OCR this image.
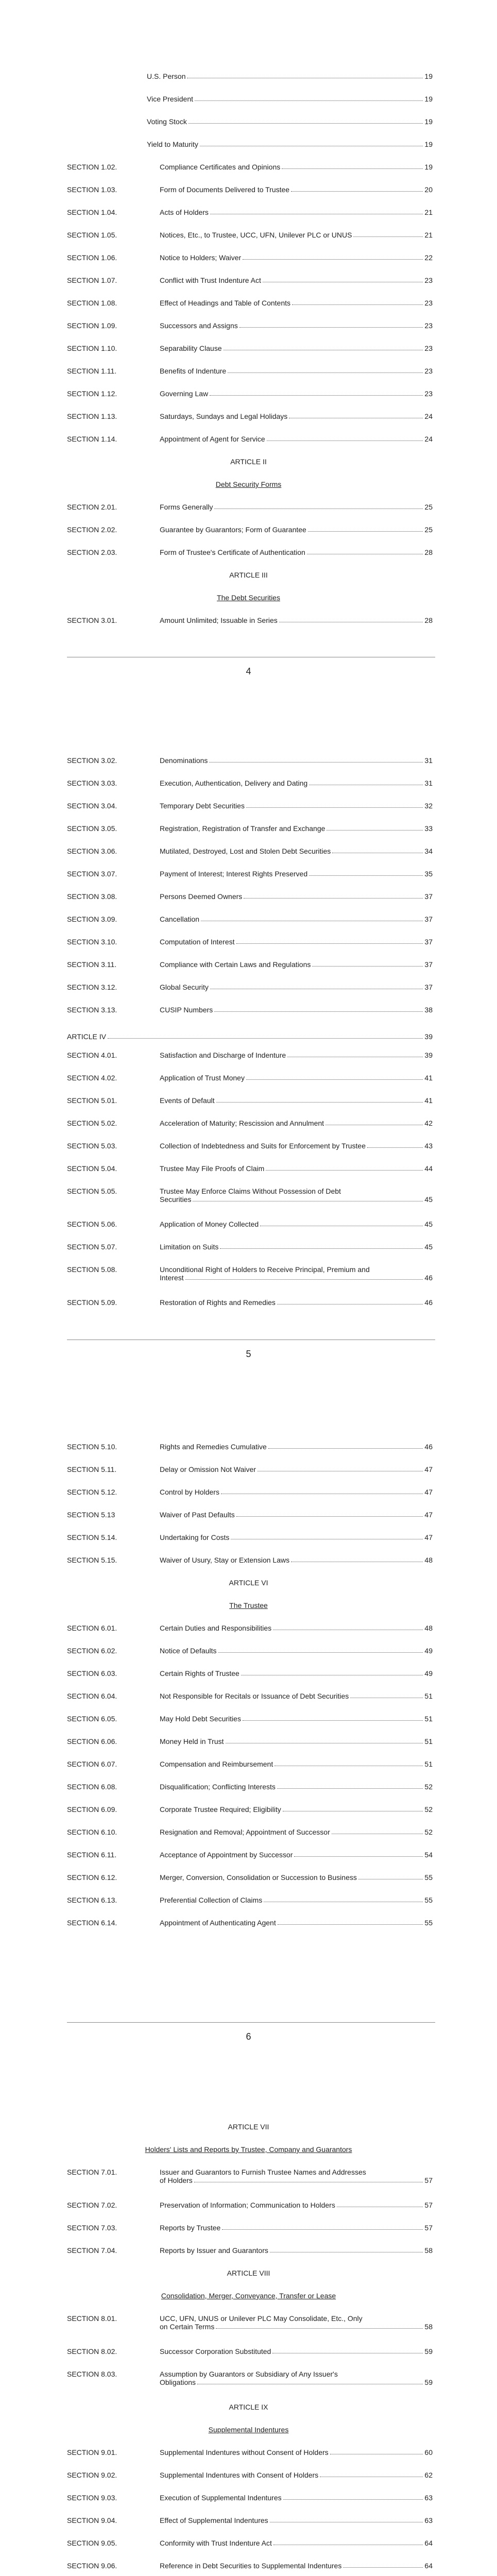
U.S. Person	19
Vice President	19
Voting Stock	19
Yield to Maturity	19
SECTION 1.02.	Compliance Certificates and Opinions	19
SECTION 1.03.	Form of Documents Delivered to Trustee	20
SECTION 1.04.	Acts of Holders	21
SECTION 1.05.	Notices, Etc., to Trustee, UCC, UFN, Unilever PLC or UNUS	21
SECTION 1.06.	Notice to Holders; Waiver	22
SECTION 1.07.	Conflict with Trust Indenture Act	23
SECTION 1.08.	Effect of Headings and Table of Contents	23
SECTION 1.09.	Successors and Assigns	23
SECTION 1.10.	Separability Clause	23
SECTION 1.11.	Benefits of Indenture	23
SECTION 1.12.	Governing Law	23
SECTION 1.13.	Saturdays, Sundays and Legal Holidays	24
SECTION 1.14.	Appointment of Agent for Service	24
ARTICLE II
Debt Security Forms
SECTION 2.01.	Forms Generally	25
SECTION 2.02.	Guarantee by Guarantors; Form of Guarantee	25
SECTION 2.03.	Form of Trustee's Certificate of Authentication	28
ARTICLE III
The Debt Securities
SECTION 3.01.	Amount Unlimited; Issuable in Series	28
4
SECTION 3.02.	Denominations	31
SECTION 3.03.	Execution, Authentication, Delivery and Dating	31
SECTION 3.04.	Temporary Debt Securities	32
SECTION 3.05.	Registration, Registration of Transfer and Exchange	33
SECTION 3.06.	Mutilated, Destroyed, Lost and Stolen Debt Securities	34
SECTION 3.07.	Payment of Interest; Interest Rights Preserved	35
SECTION 3.08.	Persons Deemed Owners	37
SECTION 3.09.	Cancellation	37
SECTION 3.10.	Computation of Interest	37
SECTION 3.11.	Compliance with Certain Laws and Regulations	37
SECTION 3.12.	Global Security	37
SECTION 3.13.	CUSIP Numbers	38
ARTICLE IV	39
SECTION 4.01.	Satisfaction and Discharge of Indenture	39
SECTION 4.02.	Application of Trust Money	41
SECTION 5.01.	Events of Default	41
SECTION 5.02.	Acceleration of Maturity; Rescission and Annulment	42
SECTION 5.03.	Collection of Indebtedness and Suits for Enforcement by Trustee	43
SECTION 5.04.	Trustee May File Proofs of Claim	44
SECTION 5.05.	Trustee May Enforce Claims Without Possession of Debt
Securities	45
SECTION 5.06.	Application of Money Collected	45
SECTION 5.07.	Limitation on Suits	45
SECTION 5.08.	Unconditional Right of Holders to Receive Principal, Premium and
Interest	46
SECTION 5.09.	Restoration of Rights and Remedies	46
5
SECTION 5.10.	Rights and Remedies Cumulative	46
SECTION 5.11.	Delay or Omission Not Waiver	47
SECTION 5.12.	Control by Holders	47
SECTION 5.13	Waiver of Past Defaults	47
SECTION 5.14.	Undertaking for Costs	47
SECTION 5.15.	Waiver of Usury, Stay or Extension Laws	48
ARTICLE VI
The Trustee
SECTION 6.01.	Certain Duties and Responsibilities	48
SECTION 6.02.	Notice of Defaults	49
SECTION 6.03.	Certain Rights of Trustee	49
SECTION 6.04.	Not Responsible for Recitals or Issuance of Debt Securities	51
SECTION 6.05.	May Hold Debt Securities	51
SECTION 6.06.	Money Held in Trust	51
SECTION 6.07.	Compensation and Reimbursement	51
SECTION 6.08.	Disqualification; Conflicting Interests	52
SECTION 6.09.	Corporate Trustee Required; Eligibility	52
SECTION 6.10.	Resignation and Removal; Appointment of Successor	52
SECTION 6.11.	Acceptance of Appointment by Successor	54
SECTION 6.12.	Merger, Conversion, Consolidation or Succession to Business	55
SECTION 6.13.	Preferential Collection of Claims	55
SECTION 6.14.	Appointment of Authenticating Agent	55
6
ARTICLE VII
Holders' Lists and Reports by Trustee, Company and Guarantors
SECTION 7.01.	Issuer and Guarantors to Furnish Trustee Names and Addresses
of Holders	57
SECTION 7.02.	Preservation of Information; Communication to Holders	57
SECTION 7.03.	Reports by Trustee	57
SECTION 7.04.	Reports by Issuer and Guarantors	58
ARTICLE VIII
Consolidation, Merger, Conveyance, Transfer or Lease
SECTION 8.01.	UCC, UFN, UNUS or Unilever PLC May Consolidate, Etc., Only
on Certain Terms	58
SECTION 8.02.	Successor Corporation Substituted	59
SECTION 8.03.	Assumption by Guarantors or Subsidiary of Any Issuer's
Obligations	59
ARTICLE IX
Supplemental Indentures
SECTION 9.01.	Supplemental Indentures without Consent of Holders	60
SECTION 9.02.	Supplemental Indentures with Consent of Holders	62
SECTION 9.03.	Execution of Supplemental Indentures	63
SECTION 9.04.	Effect of Supplemental Indentures	63
SECTION 9.05.	Conformity with Trust Indenture Act	64
SECTION 9.06.	Reference in Debt Securities to Supplemental Indentures	64
